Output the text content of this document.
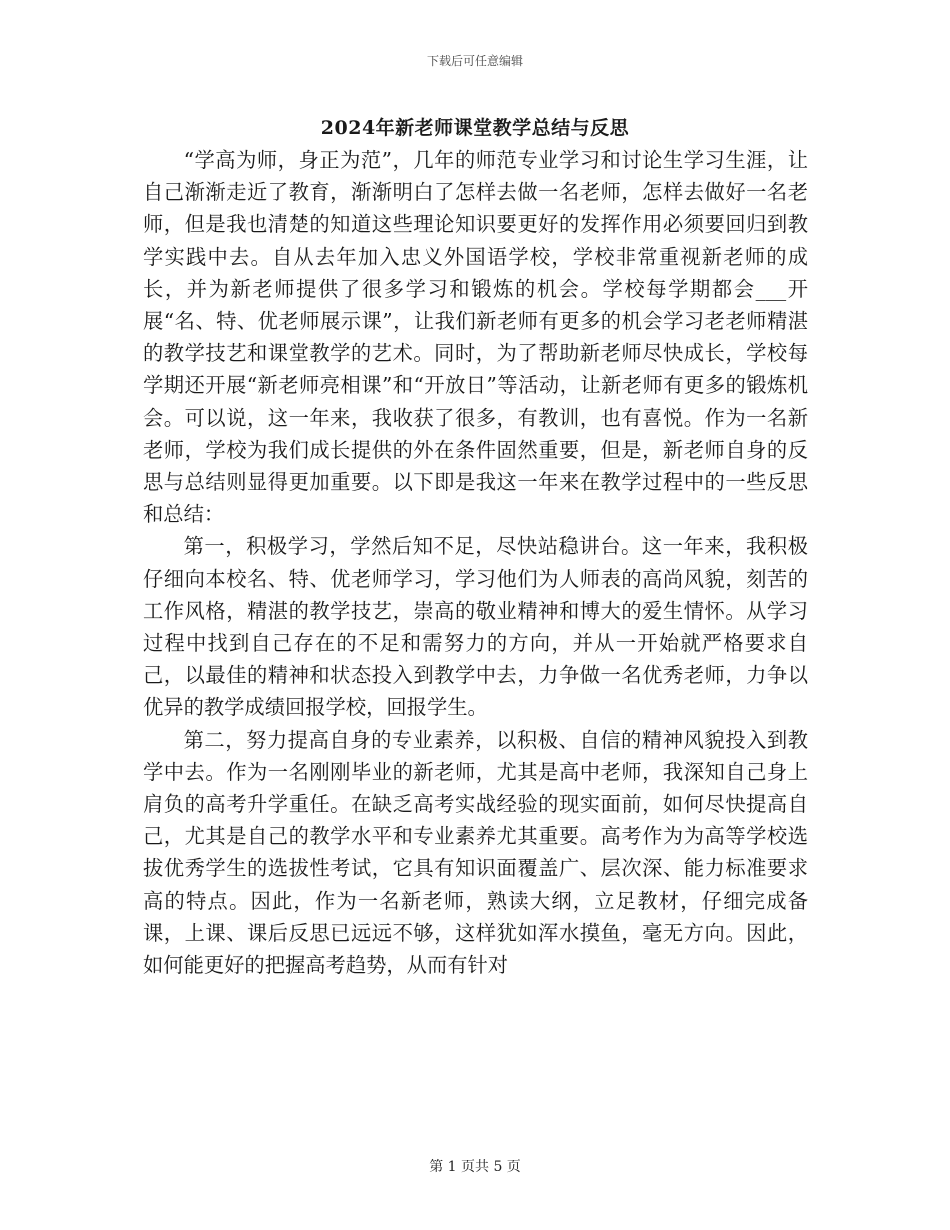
下载后可任意编辑
2024年新老师课堂教学总结与反思

“学高为师，身正为范”，几年的师范专业学习和讨论生学习生涯，让自己渐渐走近了教育，渐渐明白了怎样去做一名老师，怎样去做好一名老师，但是我也清楚的知道这些理论知识要更好的发挥作用必须要回归到教学实践中去。自从去年加入忠义外国语学校，学校非常重视新老师的成长，并为新老师提供了很多学习和锻炼的机会。学校每学期都会___开展“名、特、优老师展示课”，让我们新老师有更多的机会学习老老师精湛的教学技艺和课堂教学的艺术。同时，为了帮助新老师尽快成长，学校每学期还开展“新老师亮相课”和“开放日”等活动，让新老师有更多的锻炼机会。可以说，这一年来，我收获了很多，有教训，也有喜悦。作为一名新老师，学校为我们成长提供的外在条件固然重要，但是，新老师自身的反思与总结则显得更加重要。以下即是我这一年来在教学过程中的一些反思和总结：

第一，积极学习，学然后知不足，尽快站稳讲台。这一年来，我积极仔细向本校名、特、优老师学习，学习他们为人师表的高尚风貌，刻苦的工作风格，精湛的教学技艺，崇高的敬业精神和博大的爱生情怀。从学习过程中找到自己存在的不足和需努力的方向，并从一开始就严格要求自己，以最佳的精神和状态投入到教学中去，力争做一名优秀老师，力争以优异的教学成绩回报学校，回报学生。

第二，努力提高自身的专业素养，以积极、自信的精神风貌投入到教学中去。作为一名刚刚毕业的新老师，尤其是高中老师，我深知自己身上肩负的高考升学重任。在缺乏高考实战经验的现实面前，如何尽快提高自己，尤其是自己的教学水平和专业素养尤其重要。高考作为为高等学校选拔优秀学生的选拔性考试，它具有知识面覆盖广、层次深、能力标准要求高的特点。因此，作为一名新老师，熟读大纲，立足教材，仔细完成备课，上课、课后反思已远远不够，这样犹如浑水摸鱼，毫无方向。因此，如何能更好的把握高考趋势，从而有针对

第 1 页共 5 页
